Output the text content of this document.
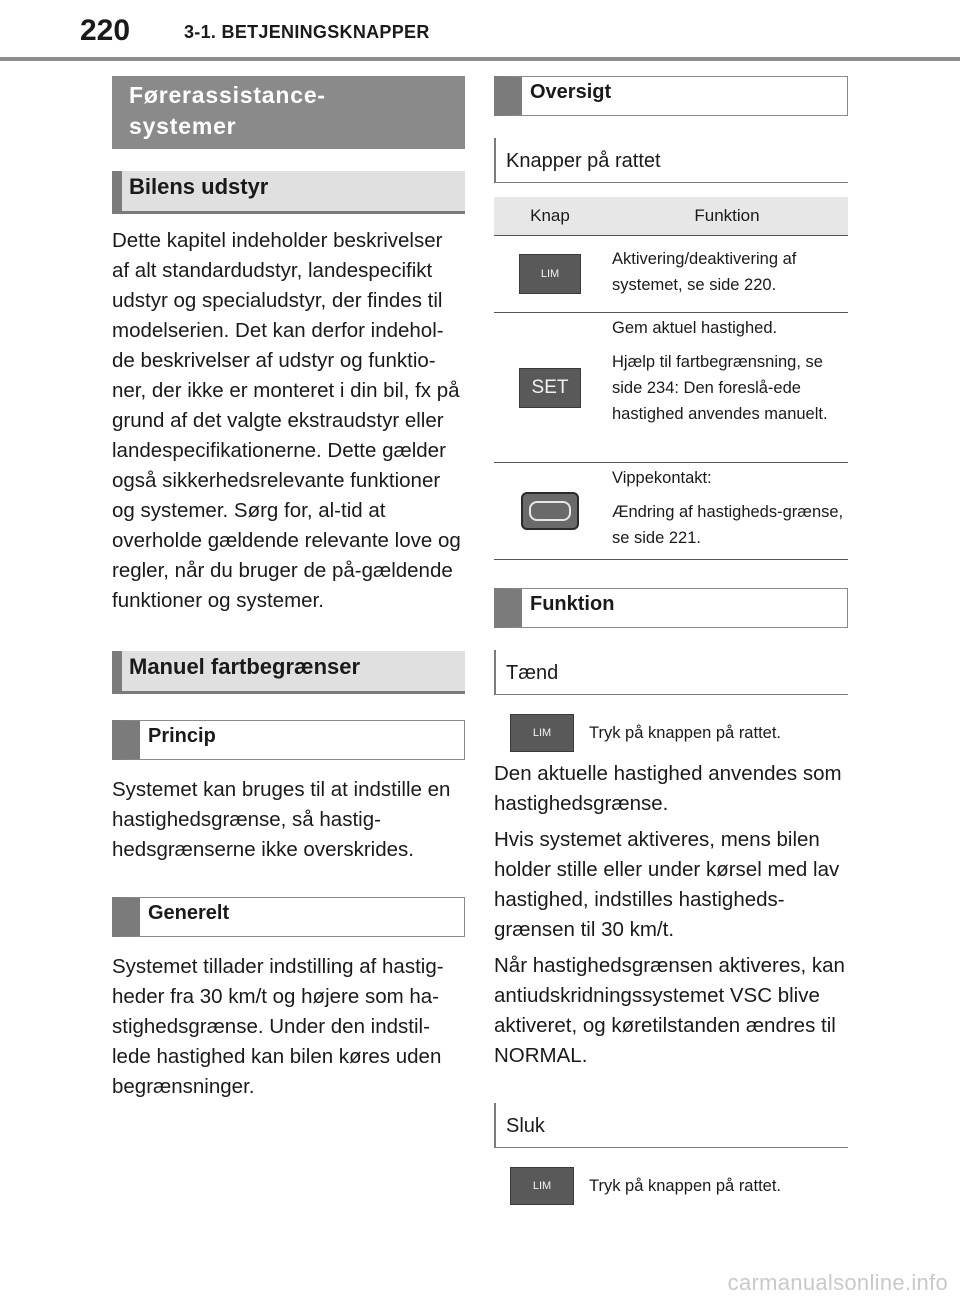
220	3-1. BETJENINGSKNAPPER
Førerassistance-
systemer
Bilens udstyr

Dette kapitel indeholder beskrivelser af alt standardudstyr, landespecifikt udstyr og specialudstyr, der findes til modelserien. Det kan derfor indehol-de beskrivelser af udstyr og funktio-ner, der ikke er monteret i din bil, fx på grund af det valgte ekstraudstyr eller landespecifikationerne. Dette gælder også sikkerhedsrelevante funktioner og systemer. Sørg for, al-tid at overholde gældende relevante love og regler, når du bruger de på-gældende funktioner og systemer.

Manuel fartbegrænser
Princip

Systemet kan bruges til at indstille en hastighedsgrænse, så hastig-hedsgrænserne ikke overskrides.

Generelt

Systemet tillader indstilling af hastig-heder fra 30 km/t og højere som ha-stighedsgrænse. Under den indstil-lede hastighed kan bilen køres uden begrænsninger.

Oversigt
Knapper på rattet
Knap	Funktion
LIM

Aktivering/deaktivering af systemet, se side 220.

SET

Gem aktuel hastighed.

Hjælp til fartbegrænsning, se side 234: Den foreslå-ede hastighed anvendes manuelt.

Vippekontakt:

Ændring af hastigheds-grænse, se side 221.

Funktion
Tænd
LIM Tryk på knappen på rattet.

Den aktuelle hastighed anvendes som hastighedsgrænse.

Hvis systemet aktiveres, mens bilen holder stille eller under kørsel med lav hastighed, indstilles hastigheds-grænsen til 30 km/t.

Når hastighedsgrænsen aktiveres, kan antiudskridningssystemet VSC blive aktiveret, og køretilstanden ændres til NORMAL.

Sluk
LIM Tryk på knappen på rattet.
carmanualsonline.info
